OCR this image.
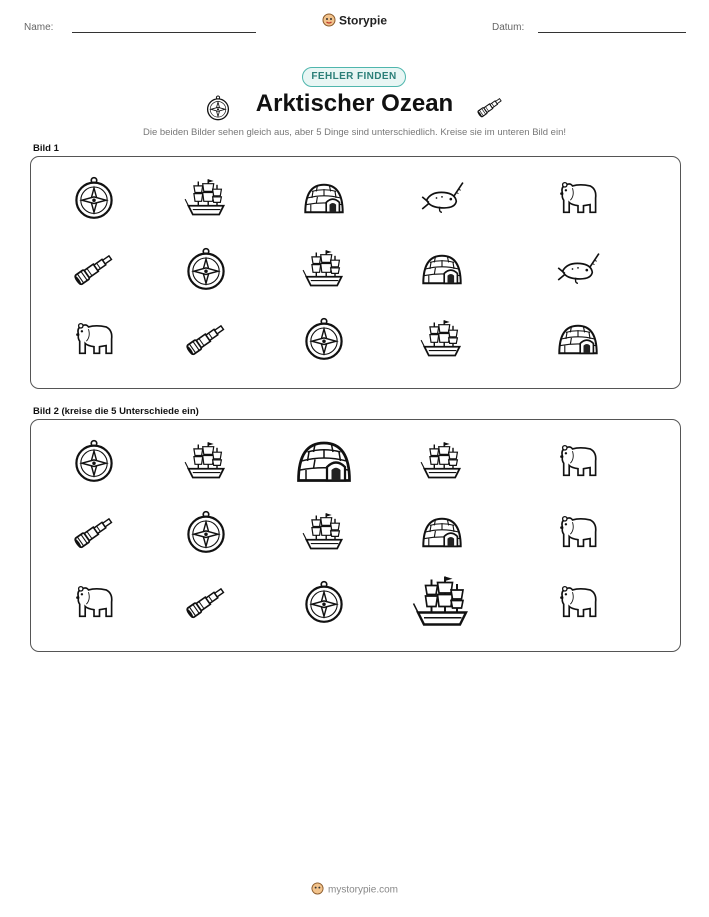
Name:	Storypie	Datum:
FEHLER FINDEN
Arktischer Ozean
Die beiden Bilder sehen gleich aus, aber 5 Dinge sind unterschiedlich. Kreise sie im unteren Bild ein!
Bild 1
Bild 2 (kreise die 5 Unterschiede ein)
mystorypie.com
